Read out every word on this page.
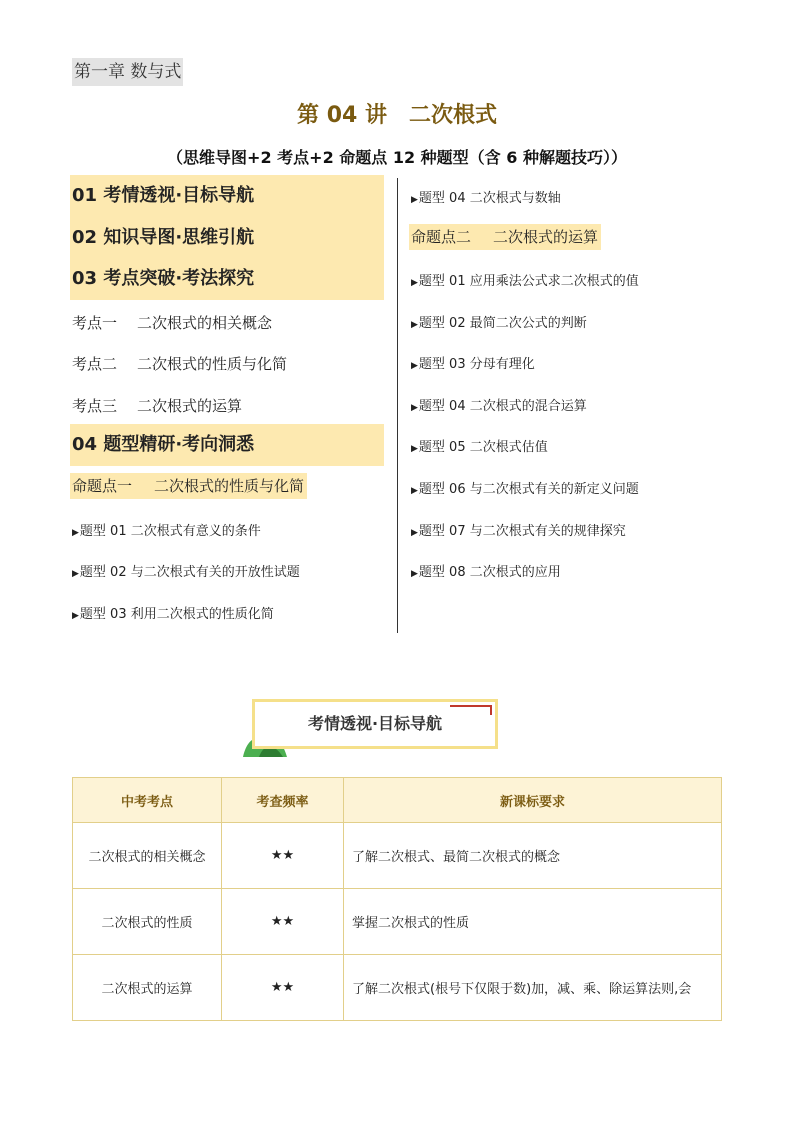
第一章 数与式
第 04 讲　二次根式
（思维导图+2 考点+2 命题点 12 种题型（含 6 种解题技巧））
01 考情透视·目标导航
02 知识导图·思维引航
03 考点突破·考法探究
考点一 二次根式的相关概念
考点二 二次根式的性质与化简
考点三 二次根式的运算
04 题型精研·考向洞悉
命题点一 二次根式的性质与化简
▶题型 01 二次根式有意义的条件
▶题型 02 与二次根式有关的开放性试题
▶题型 03 利用二次根式的性质化简
▶题型 04 二次根式与数轴
命题点二 二次根式的运算
▶题型 01 应用乘法公式求二次根式的值
▶题型 02 最简二次公式的判断
▶题型 03 分母有理化
▶题型 04 二次根式的混合运算
▶题型 05 二次根式估值
▶题型 06 与二次根式有关的新定义问题
▶题型 07 与二次根式有关的规律探究
▶题型 08 二次根式的应用
考情透视·目标导航
中考考点	考查频率	新课标要求
二次根式的相关概念	★★	了解二次根式、最简二次根式的概念
二次根式的性质	★★	掌握二次根式的性质
二次根式的运算	★★	了解二次根式(根号下仅限于数)加，减、乘、除运算法则,会
